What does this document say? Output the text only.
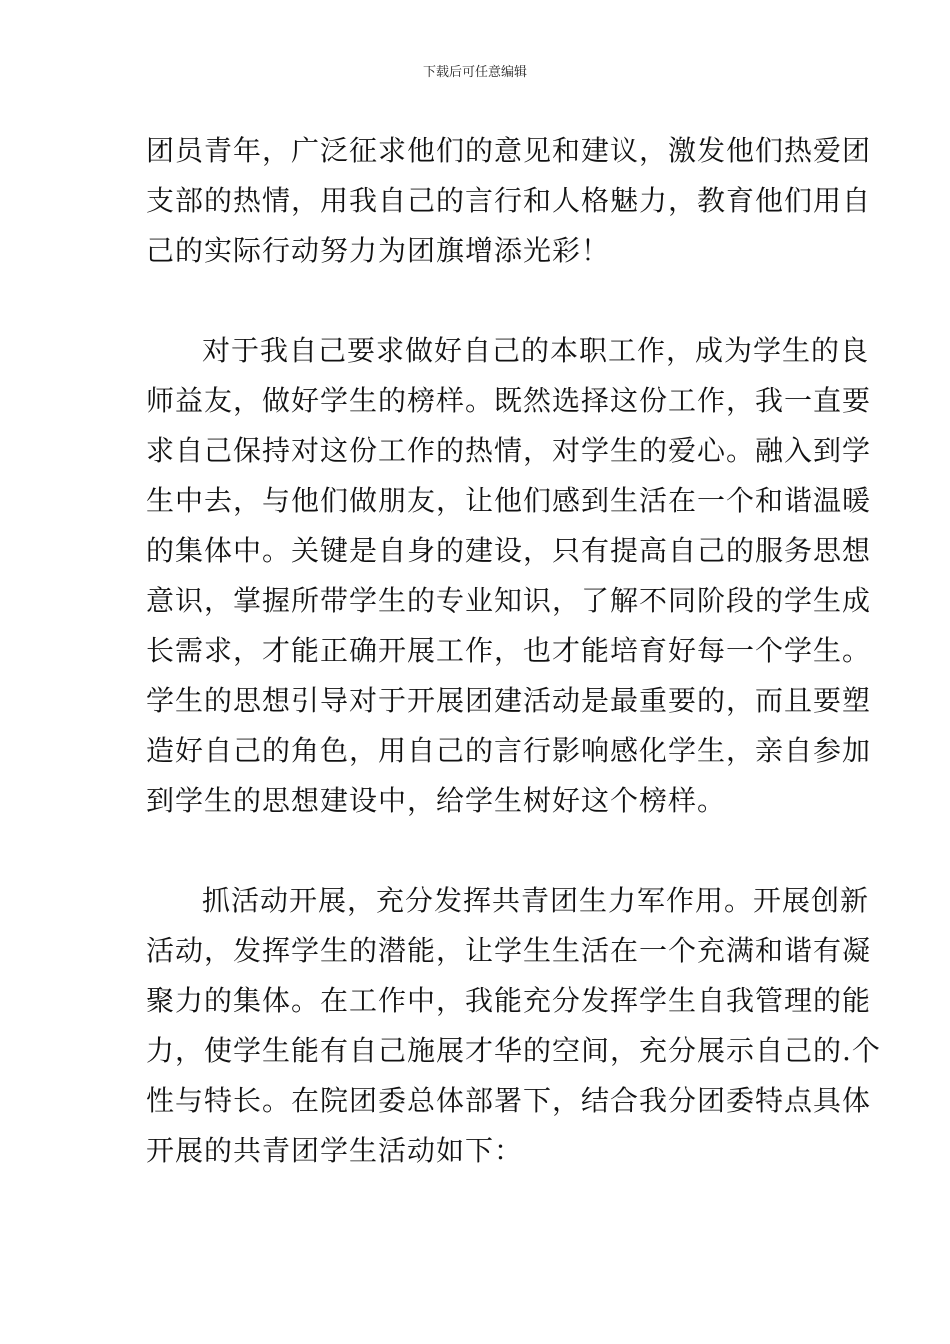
下载后可任意编辑
团员青年，广泛征求他们的意见和建议，激发他们热爱团
支部的热情，用我自己的言行和人格魅力，教育他们用自
己的实际行动努力为团旗增添光彩！
对于我自己要求做好自己的本职工作，成为学生的良
师益友，做好学生的榜样。既然选择这份工作，我一直要
求自己保持对这份工作的热情，对学生的爱心。融入到学
生中去，与他们做朋友，让他们感到生活在一个和谐温暖
的集体中。关键是自身的建设，只有提高自己的服务思想
意识，掌握所带学生的专业知识，了解不同阶段的学生成
长需求，才能正确开展工作，也才能培育好每一个学生。
学生的思想引导对于开展团建活动是最重要的，而且要塑
造好自己的角色，用自己的言行影响感化学生，亲自参加
到学生的思想建设中，给学生树好这个榜样。
抓活动开展，充分发挥共青团生力军作用。开展创新
活动，发挥学生的潜能，让学生生活在一个充满和谐有凝
聚力的集体。在工作中，我能充分发挥学生自我管理的能
力，使学生能有自己施展才华的空间，充分展示自己的.个
性与特长。在院团委总体部署下，结合我分团委特点具体
开展的共青团学生活动如下：
